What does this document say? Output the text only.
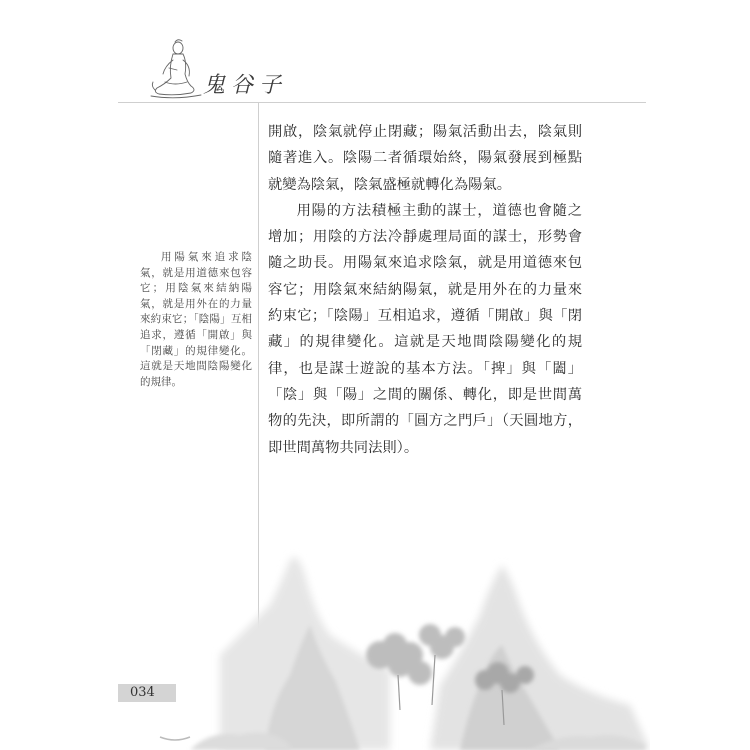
鬼谷子

用陽氣來追求陰氣，就是用道德來包容它；用陰氣來結納陽氣，就是用外在的力量來約束它；「陰陽」互相追求，遵循「開啟」與「閉藏」的規律變化。這就是天地間陰陽變化的規律。

開啟，陰氣就停止閉藏；陽氣活動出去，陰氣則隨著進入。陰陽二者循環始終，陽氣發展到極點就變為陰氣，陰氣盛極就轉化為陽氣。

用陽的方法積極主動的謀士，道德也會隨之增加；用陰的方法冷靜處理局面的謀士，形勢會隨之助長。用陽氣來追求陰氣，就是用道德來包容它；用陰氣來結納陽氣，就是用外在的力量來約束它；「陰陽」互相追求，遵循「開啟」與「閉藏」的規律變化。這就是天地間陰陽變化的規律，也是謀士遊說的基本方法。「捭」與「闔」「陰」與「陽」之間的關係、轉化，即是世間萬物的先決，即所謂的「圓方之門戶」（天圓地方，即世間萬物共同法則）。

034
